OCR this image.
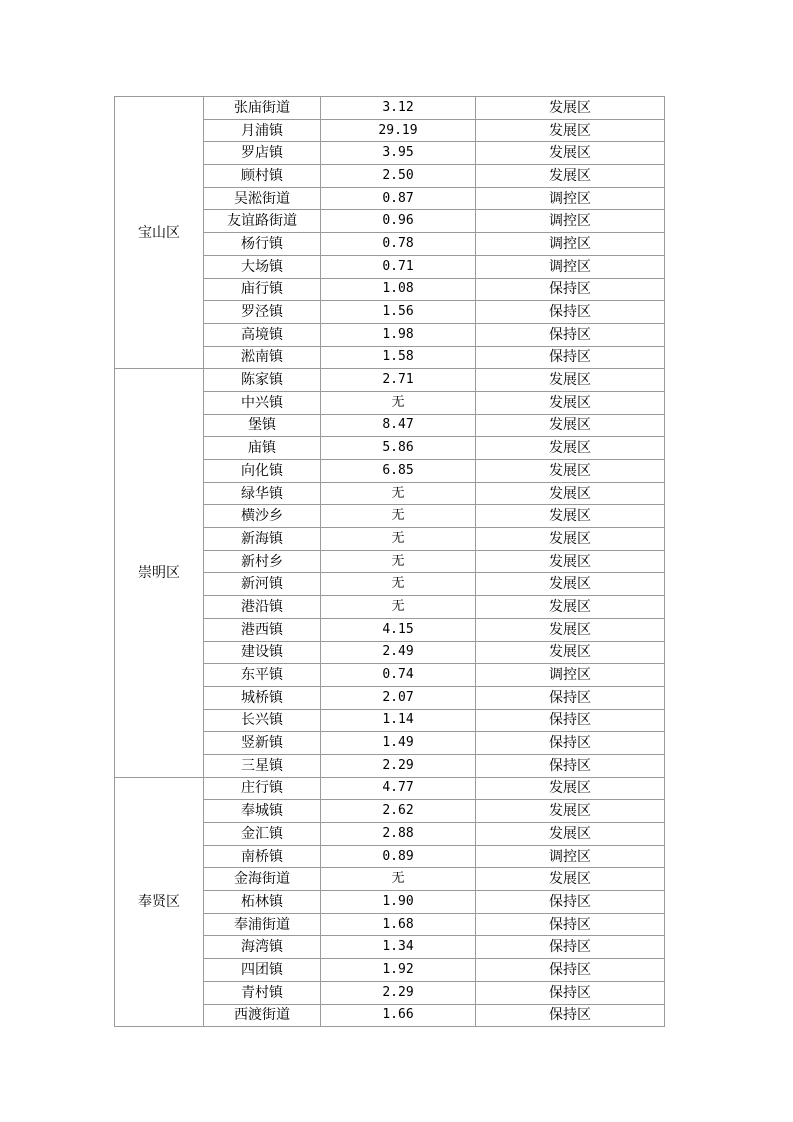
宝山区	张庙街道	3.12	发展区
	月浦镇	29.19	发展区
	罗店镇	3.95	发展区
	顾村镇	2.50	发展区
	吴淞街道	0.87	调控区
	友谊路街道	0.96	调控区
	杨行镇	0.78	调控区
	大场镇	0.71	调控区
	庙行镇	1.08	保持区
	罗泾镇	1.56	保持区
	高境镇	1.98	保持区
	淞南镇	1.58	保持区
崇明区	陈家镇	2.71	发展区
	中兴镇	无	发展区
	堡镇	8.47	发展区
	庙镇	5.86	发展区
	向化镇	6.85	发展区
	绿华镇	无	发展区
	横沙乡	无	发展区
	新海镇	无	发展区
	新村乡	无	发展区
	新河镇	无	发展区
	港沿镇	无	发展区
	港西镇	4.15	发展区
	建设镇	2.49	发展区
	东平镇	0.74	调控区
	城桥镇	2.07	保持区
	长兴镇	1.14	保持区
	竖新镇	1.49	保持区
	三星镇	2.29	保持区
奉贤区	庄行镇	4.77	发展区
	奉城镇	2.62	发展区
	金汇镇	2.88	发展区
	南桥镇	0.89	调控区
	金海街道	无	发展区
	柘林镇	1.90	保持区
	奉浦街道	1.68	保持区
	海湾镇	1.34	保持区
	四团镇	1.92	保持区
	青村镇	2.29	保持区
	西渡街道	1.66	保持区
